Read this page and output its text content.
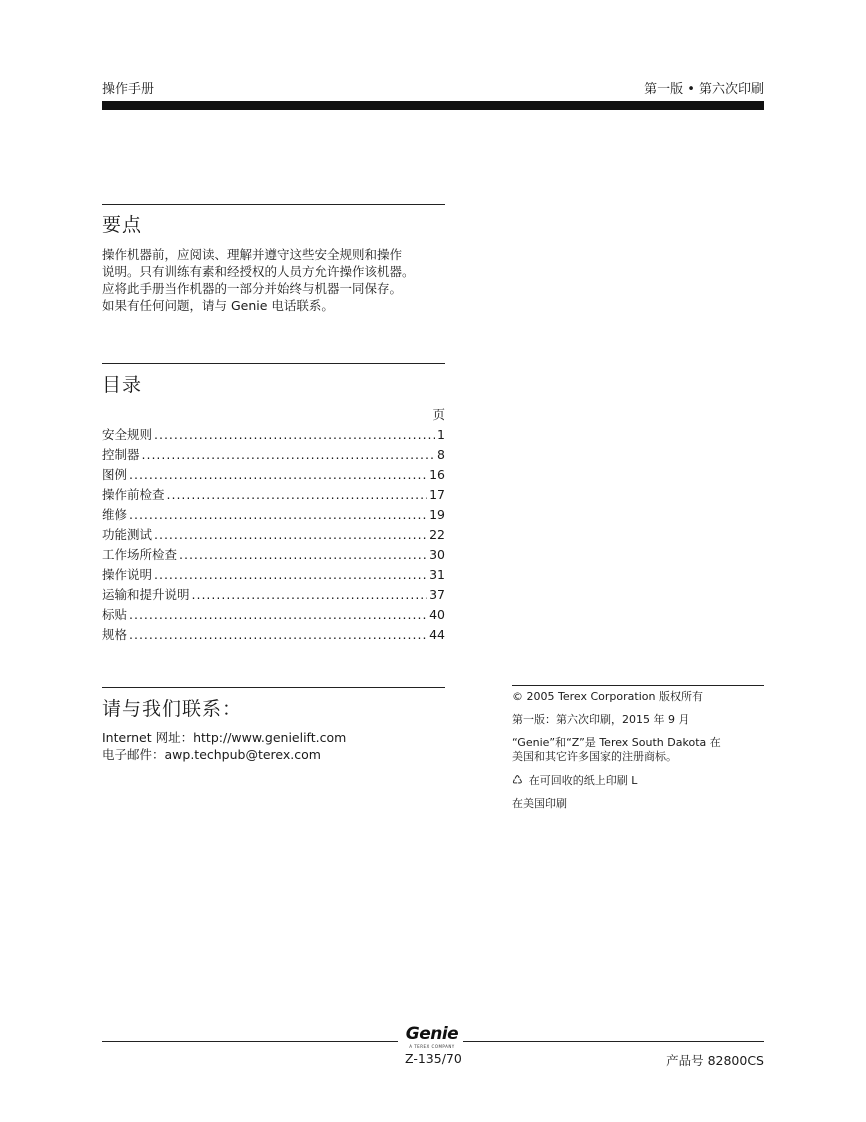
操作手册	第一版 • 第六次印刷
要点
操作机器前，应阅读、理解并遵守这些安全规则和操作
说明。只有训练有素和经授权的人员方允许操作该机器。
应将此手册当作机器的一部分并始终与机器一同保存。
如果有任何问题，请与 Genie 电话联系。
目录
页
安全规则 .....	1
控制器 .....	8
图例 .....	16
操作前检查 .....	17
维修 .....	19
功能测试 .....	22
工作场所检查 .....	30
操作说明 .....	31
运输和提升说明 .....	37
标贴 .....	40
规格 .....	44
请与我们联系：
Internet 网址：http://www.genielift.com
电子邮件：awp.techpub@terex.com
© 2005 Terex Corporation 版权所有
第一版：第六次印刷，2015 年 9 月
“Genie”和“Z”是 Terex South Dakota 在
美国和其它许多国家的注册商标。
♺ 在可回收的纸上印刷 L
在美国印刷
Genie
A TEREX COMPANY
Z-135/70	产品号 82800CS
